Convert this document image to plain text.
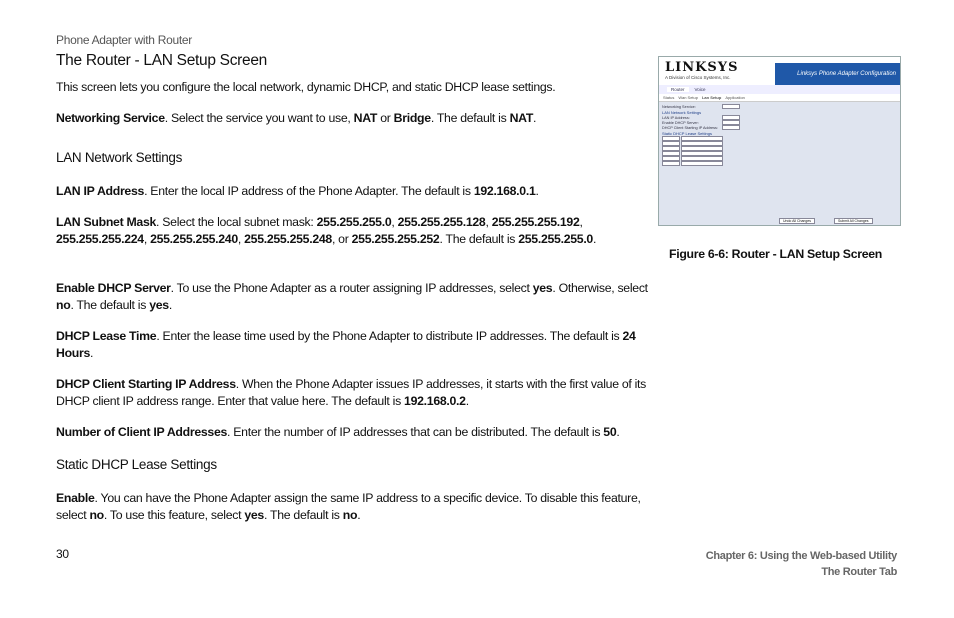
Phone Adapter with Router
The Router - LAN Setup Screen

This screen lets you configure the local network, dynamic DHCP, and static DHCP lease settings.

Networking Service. Select the service you want to use, NAT or Bridge. The default is NAT.

LAN Network Settings

LAN IP Address. Enter the local IP address of the Phone Adapter. The default is 192.168.0.1.

LAN Subnet Mask. Select the local subnet mask: 255.255.255.0, 255.255.255.128, 255.255.255.192, 255.255.255.224, 255.255.255.240, 255.255.255.248, or 255.255.255.252. The default is 255.255.255.0.

Enable DHCP Server. To use the Phone Adapter as a router assigning IP addresses, select yes. Otherwise, select no. The default is yes.

DHCP Lease Time. Enter the lease time used by the Phone Adapter to distribute IP addresses. The default is 24 Hours.

DHCP Client Starting IP Address. When the Phone Adapter issues IP addresses, it starts with the first value of its DHCP client IP address range. Enter that value here. The default is 192.168.0.2.

Number of Client IP Addresses. Enter the number of IP addresses that can be distributed. The default is 50.

Static DHCP Lease Settings

Enable. You can have the Phone Adapter assign the same IP address to a specific device. To disable this feature, select no. To use this feature, select yes. The default is no.

LINKSYS
A Division of Cisco Systems, Inc.
Linksys Phone Adapter Configuration
Router	Voice
Status Wan Setup Lan Setup Application
Networking Service:
LAN Network Settings
LAN IP Address:
Enable DHCP Server:
DHCP Client Starting IP Address:
Static DHCP Lease Settings

Undo All Changes	Submit All Changes
Figure 6-6: Router - LAN Setup Screen
30	Chapter 6: Using the Web-based Utility
The Router Tab
